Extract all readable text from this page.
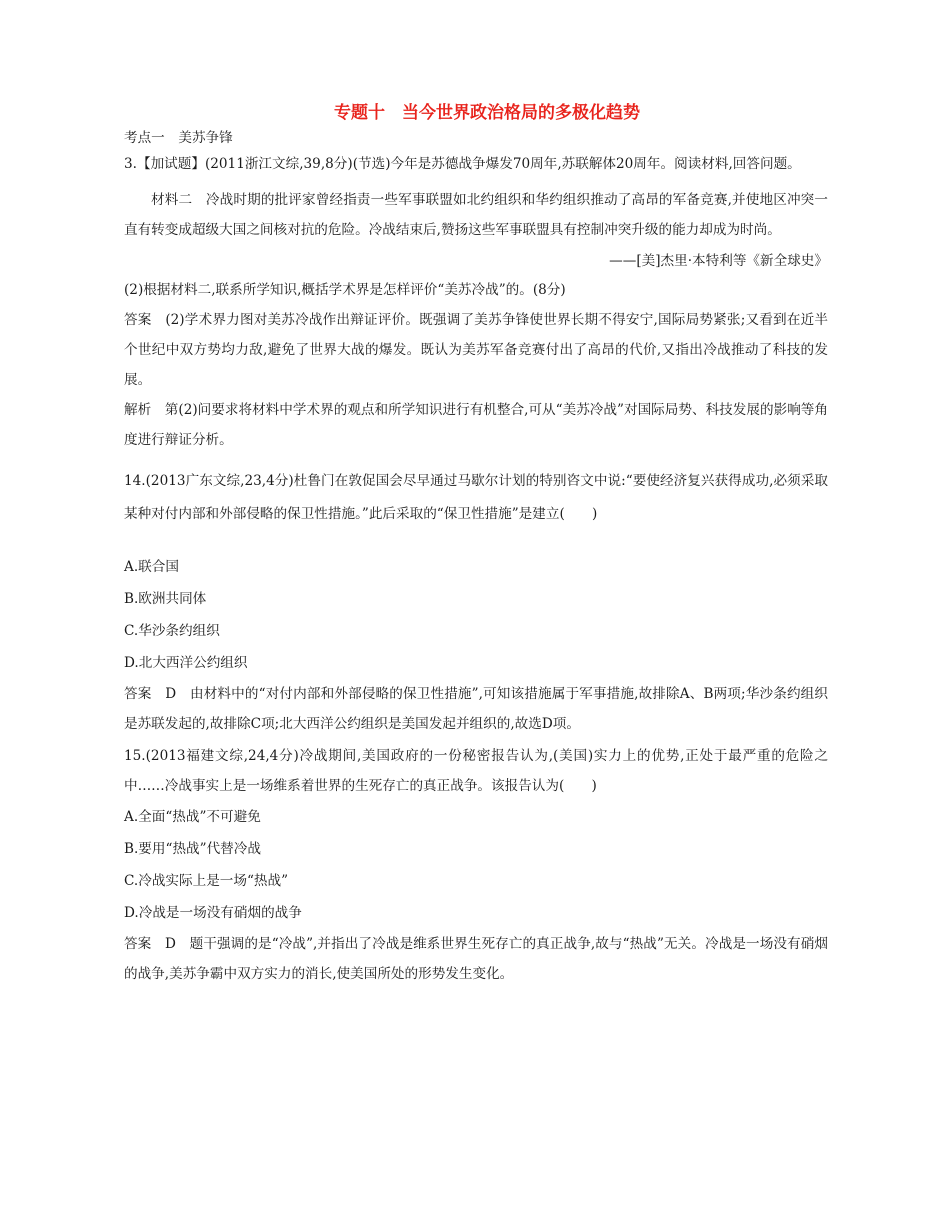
专题十　当今世界政治格局的多极化趋势

考点一　美苏争锋

3.【加试题】(2011浙江文综,39,8分)(节选)今年是苏德战争爆发70周年,苏联解体20周年。阅读材料,回答问题。

材料二　冷战时期的批评家曾经指责一些军事联盟如北约组织和华约组织推动了高昂的军备竞赛,并使地区冲突一直有转变成超级大国之间核对抗的危险。冷战结束后,赞扬这些军事联盟具有控制冲突升级的能力却成为时尚。

——[美]杰里·本特利等《新全球史》

(2)根据材料二,联系所学知识,概括学术界是怎样评价“美苏冷战”的。(8分)

答案　(2)学术界力图对美苏冷战作出辩证评价。既强调了美苏争锋使世界长期不得安宁,国际局势紧张;又看到在近半个世纪中双方势均力敌,避免了世界大战的爆发。既认为美苏军备竞赛付出了高昂的代价,又指出冷战推动了科技的发展。

解析　第(2)问要求将材料中学术界的观点和所学知识进行有机整合,可从“美苏冷战”对国际局势、科技发展的影响等角度进行辩证分析。

14.(2013广东文综,23,4分)杜鲁门在敦促国会尽早通过马歇尔计划的特别咨文中说:“要使经济复兴获得成功,必须采取某种对付内部和外部侵略的保卫性措施。”此后采取的“保卫性措施”是建立(　　)

A.联合国

B.欧洲共同体

C.华沙条约组织

D.北大西洋公约组织

答案　D　由材料中的“对付内部和外部侵略的保卫性措施”,可知该措施属于军事措施,故排除A、B两项;华沙条约组织是苏联发起的,故排除C项;北大西洋公约组织是美国发起并组织的,故选D项。

15.(2013福建文综,24,4分)冷战期间,美国政府的一份秘密报告认为,(美国)实力上的优势,正处于最严重的危险之中……冷战事实上是一场维系着世界的生死存亡的真正战争。该报告认为(　　)

A.全面“热战”不可避免

B.要用“热战”代替冷战

C.冷战实际上是一场“热战”

D.冷战是一场没有硝烟的战争

答案　D　题干强调的是“冷战”,并指出了冷战是维系世界生死存亡的真正战争,故与“热战”无关。冷战是一场没有硝烟的战争,美苏争霸中双方实力的消长,使美国所处的形势发生变化。
